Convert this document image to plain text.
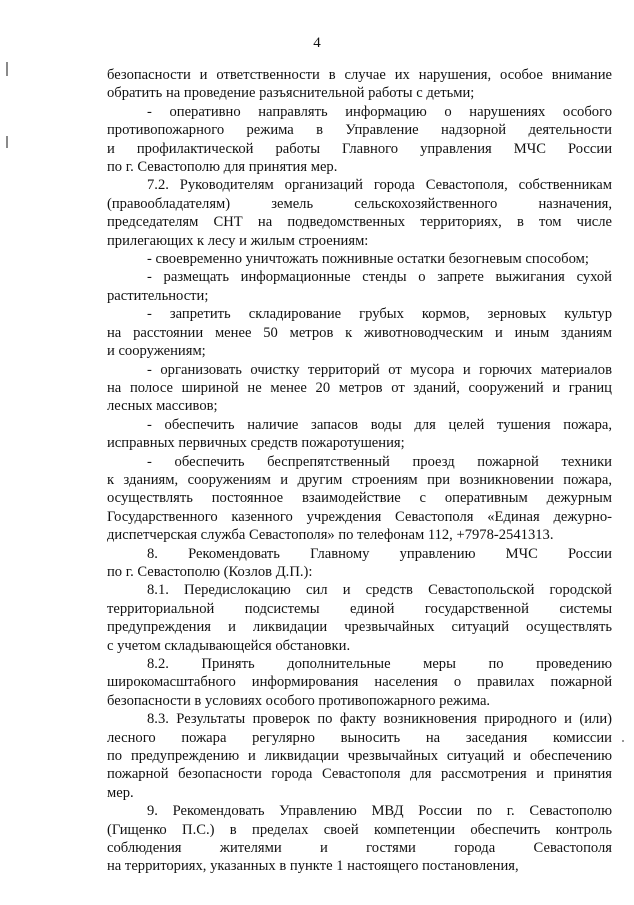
4

безопасности и ответственности в случае их нарушения, особое внимание
обратить на проведение разъяснительной работы с детьми;

- оперативно направлять информацию о нарушениях особого
противопожарного режима в Управление надзорной деятельности
и профилактической работы Главного управления МЧС России
по г. Севастополю для принятия мер.

7.2. Руководителям организаций города Севастополя, собственникам
(правообладателям) земель сельскохозяйственного назначения,
председателям СНТ на подведомственных территориях, в том числе
прилегающих к лесу и жилым строениям:

- своевременно уничтожать пожнивные остатки безогневым способом;

- размещать информационные стенды о запрете выжигания сухой
растительности;

- запретить складирование грубых кормов, зерновых культур
на расстоянии менее 50 метров к животноводческим и иным зданиям
и сооружениям;

- организовать очистку территорий от мусора и горючих материалов
на полосе шириной не менее 20 метров от зданий, сооружений и границ
лесных массивов;

- обеспечить наличие запасов воды для целей тушения пожара,
исправных первичных средств пожаротушения;

- обеспечить беспрепятственный проезд пожарной техники
к зданиям, сооружениям и другим строениям при возникновении пожара,
осуществлять постоянное взаимодействие с оперативным дежурным
Государственного казенного учреждения Севастополя «Единая дежурно-
диспетчерская служба Севастополя» по телефонам 112, +7978-2541313.

8. Рекомендовать Главному управлению МЧС России
по г. Севастополю (Козлов Д.П.):

8.1. Передислокацию сил и средств Севастопольской городской
территориальной подсистемы единой государственной системы
предупреждения и ликвидации чрезвычайных ситуаций осуществлять
с учетом складывающейся обстановки.

8.2. Принять дополнительные меры по проведению
широкомасштабного информирования населения о правилах пожарной
безопасности в условиях особого противопожарного режима.

8.3. Результаты проверок по факту возникновения природного и (или)
лесного пожара регулярно выносить на заседания комиссии
по предупреждению и ликвидации чрезвычайных ситуаций и обеспечению
пожарной безопасности города Севастополя для рассмотрения и принятия
мер.

9. Рекомендовать Управлению МВД России по г. Севастополю
(Гищенко П.С.) в пределах своей компетенции обеспечить контроль
соблюдения жителями и гостями города Севастополя
на территориях, указанных в пункте 1 настоящего постановления,
